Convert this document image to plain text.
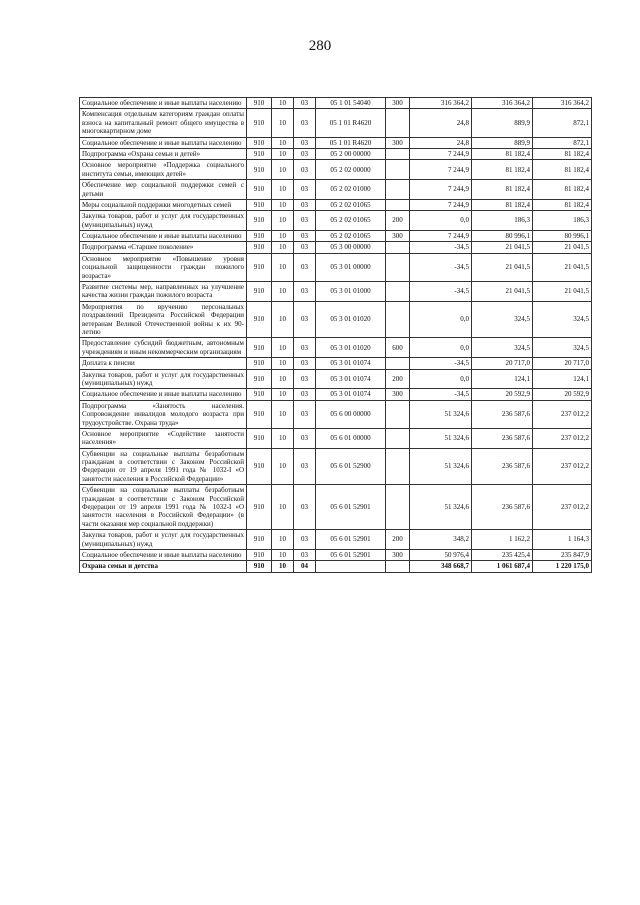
280
Социальное обеспечение и иные выплаты населению	910	10	03	05 1 01 54040	300	316 364,2	316 364,2	316 364,2
Компенсация отдельным категориям граждан оплаты взноса на капитальный ремонт общего имущества в многоквартирном доме	910	10	03	05 1 01 R4620		24,8	889,9	872,1
Социальное обеспечение и иные выплаты населению	910	10	03	05 1 01 R4620	300	24,8	889,9	872,1
Подпрограмма «Охрана семьи и детей»	910	10	03	05 2 00 00000		7 244,9	81 182,4	81 182,4
Основное мероприятие «Поддержка социального института семьи, имеющих детей»	910	10	03	05 2 02 00000		7 244,9	81 182,4	81 182,4
Обеспечение мер социальной поддержки семей с детьми	910	10	03	05 2 02 01000		7 244,9	81 182,4	81 182,4
Меры социальной поддержки многодетных семей	910	10	03	05 2 02 01065		7 244,9	81 182,4	81 182,4
Закупка товаров, работ и услуг для государственных (муниципальных) нужд	910	10	03	05 2 02 01065	200	0,0	186,3	186,3
Социальное обеспечение и иные выплаты населению	910	10	03	05 2 02 01065	300	7 244,9	80 996,1	80 996,1
Подпрограмма «Старшее поколение»	910	10	03	05 3 00 00000		-34,5	21 041,5	21 041,5
Основное мероприятие «Повышение уровня социальной защищенности граждан пожилого возраста»	910	10	03	05 3 01 00000		-34,5	21 041,5	21 041,5
Развитие системы мер, направленных на улучшение качества жизни граждан пожилого возраста	910	10	03	05 3 01 01000		-34,5	21 041,5	21 041,5
Мероприятия по вручению персональных поздравлений Президента Российской Федерации ветеранам Великой Отечественной войны к их 90-летию	910	10	03	05 3 01 01020		0,0	324,5	324,5
Предоставление субсидий бюджетным, автономным учреждениям и иным некоммерческим организациям	910	10	03	05 3 01 01020	600	0,0	324,5	324,5
Доплата к пенсии	910	10	03	05 3 01 01074		-34,5	20 717,0	20 717,0
Закупка товаров, работ и услуг для государственных (муниципальных) нужд	910	10	03	05 3 01 01074	200	0,0	124,1	124,1
Социальное обеспечение и иные выплаты населению	910	10	03	05 3 01 01074	300	-34,5	20 592,9	20 592,9
Подпрограмма «Занятость населения. Сопровождение инвалидов молодого возраста при трудоустройстве. Охрана труда»	910	10	03	05 6 00 00000		51 324,6	236 587,6	237 012,2
Основное мероприятие «Содействие занятости населения»	910	10	03	05 6 01 00000		51 324,6	236 587,6	237 012,2
Субвенции на социальные выплаты безработным гражданам в соответствии с Законом Российской Федерации от 19 апреля 1991 года № 1032-I «О занятости населения в Российской Федерации»	910	10	03	05 6 01 52900		51 324,6	236 587,6	237 012,2
Субвенции на социальные выплаты безработным гражданам в соответствии с Законом Российской Федерации от 19 апреля 1991 года № 1032-I «О занятости населения в Российской Федерации» (в части оказания мер социальной поддержки)	910	10	03	05 6 01 52901		51 324,6	236 587,6	237 012,2
Закупка товаров, работ и услуг для государственных (муниципальных) нужд	910	10	03	05 6 01 52901	200	348,2	1 162,2	1 164,3
Социальное обеспечение и иные выплаты населению	910	10	03	05 6 01 52901	300	50 976,4	235 425,4	235 847,9
Охрана семьи и детства	910	10	04			348 668,7	1 061 687,4	1 220 175,0
